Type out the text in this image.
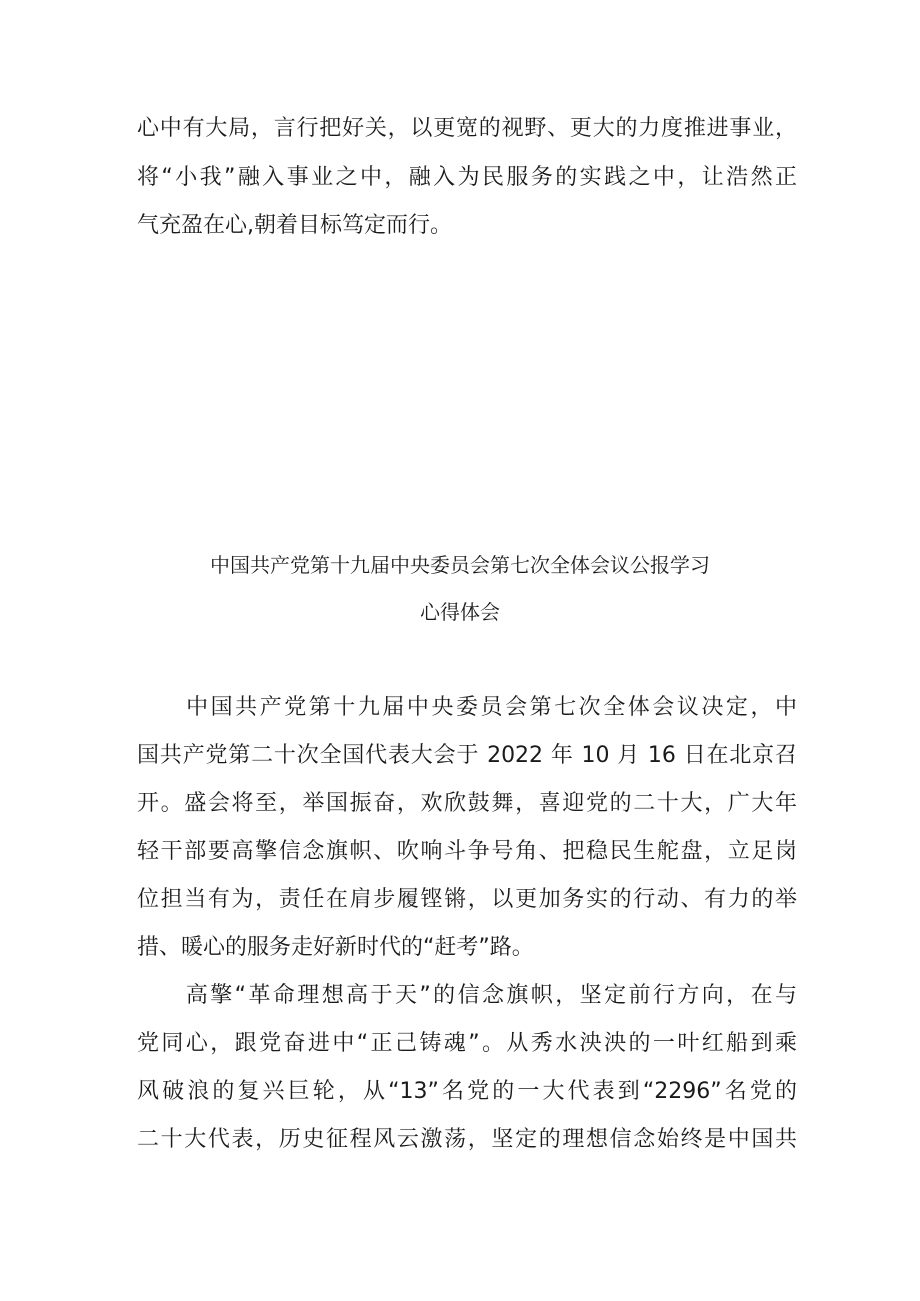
心中有大局，言行把好关，以更宽的视野、更大的力度推进事业，
将“小我”融入事业之中，融入为民服务的实践之中，让浩然正
气充盈在心,朝着目标笃定而行。
中国共产党第十九届中央委员会第七次全体会议公报学习
心得体会
　　中国共产党第十九届中央委员会第七次全体会议决定，中
国共产党第二十次全国代表大会于 2022 年 10 月 16 日在北京召
开。盛会将至，举国振奋，欢欣鼓舞，喜迎党的二十大，广大年
轻干部要高擎信念旗帜、吹响斗争号角、把稳民生舵盘，立足岗
位担当有为，责任在肩步履铿锵，以更加务实的行动、有力的举
措、暖心的服务走好新时代的“赶考”路。
　　高擎“革命理想高于天”的信念旗帜，坚定前行方向，在与
党同心，跟党奋进中“正己铸魂”。从秀水泱泱的一叶红船到乘
风破浪的复兴巨轮，从“13”名党的一大代表到“2296”名党的
二十大代表，历史征程风云激荡，坚定的理想信念始终是中国共
